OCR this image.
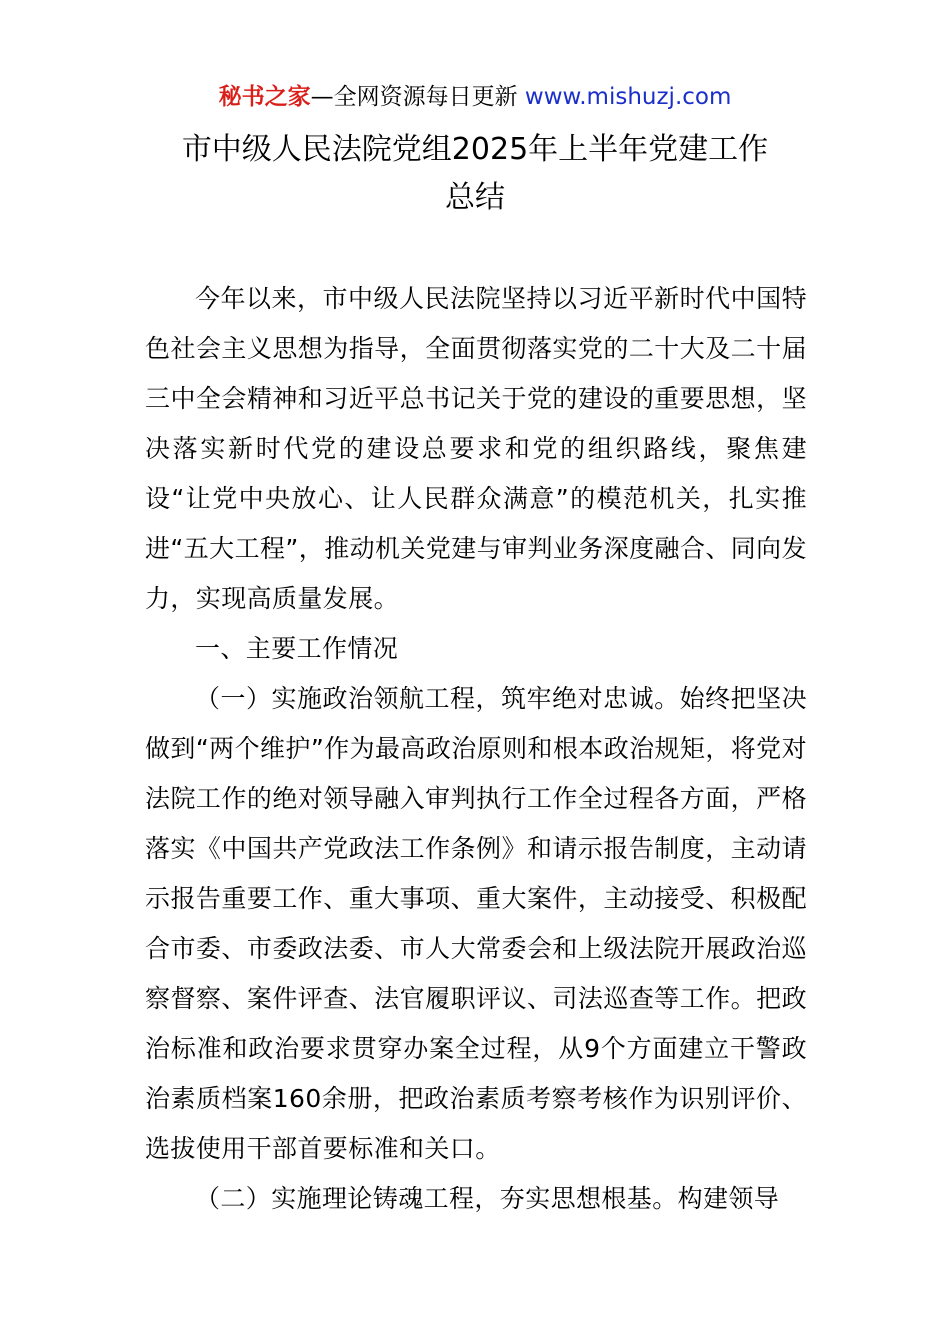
秘书之家—全网资源每日更新 www.mishuzj.com
市中级人民法院党组2025年上半年党建工作
总结

今年以来，市中级人民法院坚持以习近平新时代中国特色社会主义思想为指导，全面贯彻落实党的二十大及二十届三中全会精神和习近平总书记关于党的建设的重要思想，坚决落实新时代党的建设总要求和党的组织路线，聚焦建设“让党中央放心、让人民群众满意”的模范机关，扎实推进“五大工程”，推动机关党建与审判业务深度融合、同向发力，实现高质量发展。

一、主要工作情况

（一）实施政治领航工程，筑牢绝对忠诚。始终把坚决做到“两个维护”作为最高政治原则和根本政治规矩，将党对法院工作的绝对领导融入审判执行工作全过程各方面，严格落实《中国共产党政法工作条例》和请示报告制度，主动请示报告重要工作、重大事项、重大案件，主动接受、积极配合市委、市委政法委、市人大常委会和上级法院开展政治巡察督察、案件评查、法官履职评议、司法巡查等工作。把政治标准和政治要求贯穿办案全过程，从9个方面建立干警政治素质档案160余册，把政治素质考察考核作为识别评价、选拔使用干部首要标准和关口。

（二）实施理论铸魂工程，夯实思想根基。构建领导
